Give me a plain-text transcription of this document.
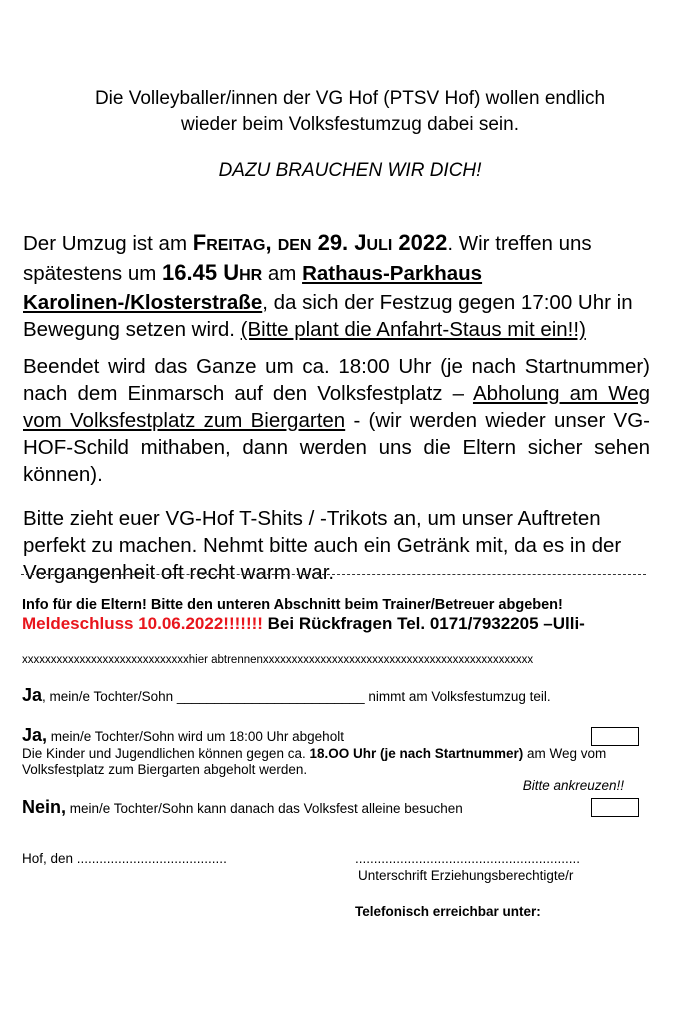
Die Volleyballer/innen der VG Hof (PTSV Hof) wollen endlich
wieder beim Volksfestumzug dabei sein.
DAZU BRAUCHEN WIR DICH!
Der Umzug ist am FREITAG, DEN 29. JULI 2022. Wir treffen uns spätestens um 16.45 UHR am Rathaus-Parkhaus Karolinen-/Klosterstraße, da sich der Festzug gegen 17:00 Uhr in Bewegung setzen wird. (Bitte plant die Anfahrt-Staus mit ein!!)
Beendet wird das Ganze um ca. 18:00 Uhr (je nach Startnummer) nach dem Einmarsch auf den Volksfestplatz – Abholung am Weg vom Volksfestplatz zum Biergarten - (wir werden wieder unser VG-HOF-Schild mithaben, dann werden uns die Eltern sicher sehen können).
Bitte zieht euer VG-Hof T-Shits / -Trikots an, um unser Auftreten perfekt zu machen. Nehmt bitte auch ein Getränk mit, da es in der Vergangenheit oft recht warm war.
Info für die Eltern! Bitte den unteren Abschnitt beim Trainer/Betreuer abgeben!
Meldeschluss 10.06.2022!!!!!!! Bei Rückfragen Tel. 0171/7932205 –Ulli-
xxxxxxxxxxxxxxxxxxxxxxxxxxxxxhier abtrennenxxxxxxxxxxxxxxxxxxxxxxxxxxxxxxxxxxxxxxxxxxxxxxx
Ja, mein/e Tochter/Sohn _________________________ nimmt am Volksfestumzug teil.
Ja, mein/e Tochter/Sohn wird um 18:00 Uhr abgeholt
Die Kinder und Jugendlichen können gegen ca. 18.OO Uhr (je nach Startnummer) am Weg vom Volksfestplatz zum Biergarten abgeholt werden.
Bitte ankreuzen!!
Nein, mein/e Tochter/Sohn kann danach das Volksfest alleine besuchen
Hof, den ........................................	............................................................
Unterschrift Erziehungsberechtigte/r
Telefonisch erreichbar unter:
